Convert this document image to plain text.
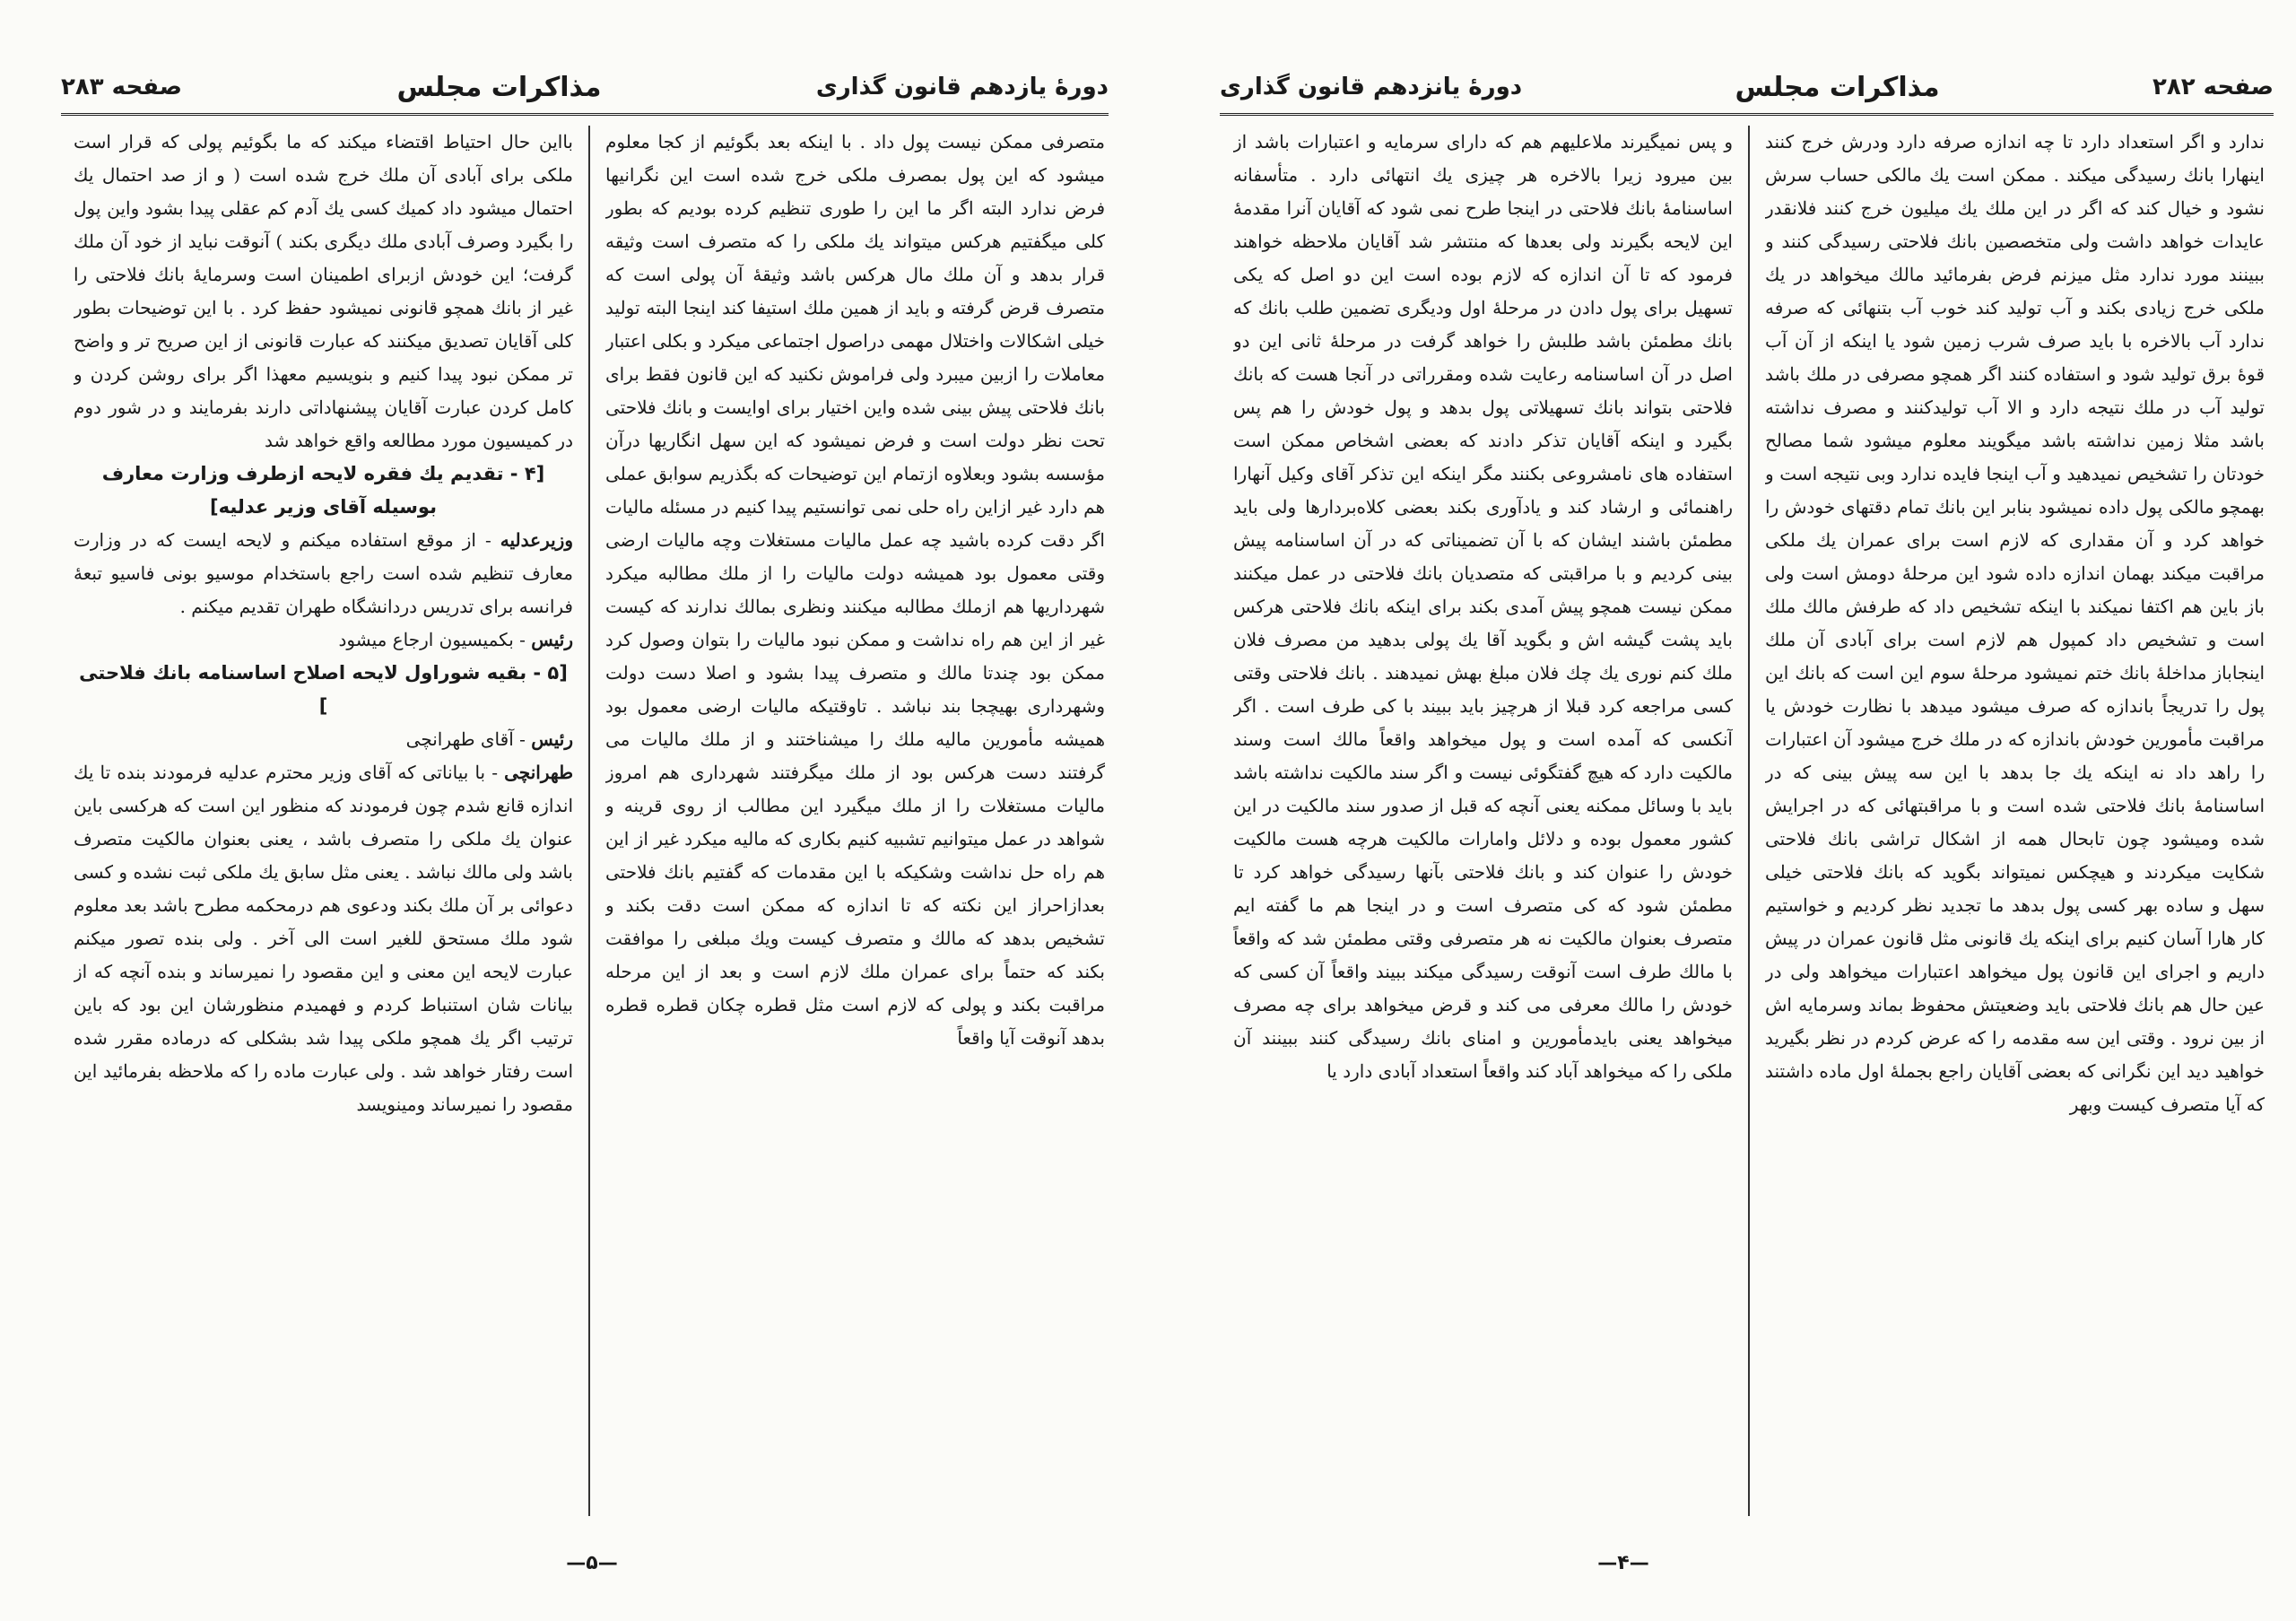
دورهٔ یازدهم قانون گذاری
مذاکرات مجلس
صفحه ۲۸۳

متصرفی ممکن نیست پول داد . با اینکه بعد بگوئیم از کجا معلوم میشود که این پول بمصرف ملکی خرج شده است این نگرانیها فرض ندارد البته اگر ما این را طوری تنظیم کرده بودیم که بطور کلی میگفتیم هرکس میتواند یك ملکی را که متصرف است وثیقه قرار بدهد و آن ملك مال هرکس باشد وثیقهٔ آن پولی است که متصرف قرض گرفته و باید از همین ملك استیفا کند اینجا البته تولید خیلی اشکالات واختلال مهمی دراصول اجتماعی میکرد و بکلی اعتبار معاملات را ازبین میبرد ولی فراموش نکنید که این قانون فقط برای بانك فلاحتی پیش بینی شده واین اختیار برای اوایست و بانك فلاحتی تحت نظر دولت است و فرض نمیشود که این سهل انگاریها درآن مؤسسه بشود وبعلاوه ازتمام این توضیحات که بگذریم سوابق عملی هم دارد غیر ازاین راه حلی نمی توانستیم پیدا کنیم در مسئله مالیات اگر دقت کرده باشید چه عمل مالیات مستغلات وچه مالیات ارضی وقتی معمول بود همیشه دولت مالیات را از ملك مطالبه میکرد شهرداریها هم ازملك مطالبه میکنند ونظری بمالك ندارند که کیست غیر از این هم راه نداشت و ممکن نبود مالیات را بتوان وصول کرد ممکن بود چندتا مالك و متصرف پیدا بشود و اصلا دست دولت وشهرداری بهیچجا بند نباشد . تاوقتیکه مالیات ارضی معمول بود همیشه مأمورین مالیه ملك را میشناختند و از ملك مالیات می گرفتند دست هرکس بود از ملك میگرفتند شهرداری هم امروز مالیات مستغلات را از ملك میگیرد این مطالب از روی قرینه و شواهد در عمل میتوانیم تشبیه کنیم بکاری که مالیه میکرد غیر از این هم راه حل نداشت وشکیکه با این مقدمات که گفتیم بانك فلاحتی بعدازاحراز این نکته که تا اندازه که ممکن است دقت بکند و تشخیص بدهد که مالك و متصرف کیست ویك مبلغی را موافقت بکند که حتماً برای عمران ملك لازم است و بعد از این مرحله مراقبت بکند و پولی که لازم است مثل قطره چکان قطره قطره بدهد آنوقت آیا واقعاً

بااین حال احتیاط اقتضاء میکند که ما بگوئیم پولی که قرار است ملکی برای آبادی آن ملك خرج شده است ( و از صد احتمال یك احتمال میشود داد کمیك کسی یك آدم کم عقلی پیدا بشود واین پول را بگیرد وصرف آبادی ملك دیگری بکند ) آنوقت نباید از خود آن ملك گرفت؛ این خودش ازبرای اطمینان است وسرمایهٔ بانك فلاحتی را غیر از بانك همچو قانونی نمیشود حفظ کرد . با این توضیحات بطور کلی آقایان تصدیق میکنند که عبارت قانونی از این صریح تر و واضح تر ممکن نبود پیدا کنیم و بنویسیم معهذا اگر برای روشن کردن و کامل کردن عبارت آقایان پیشنهاداتی دارند بفرمایند و در شور دوم در کمیسیون مورد مطالعه واقع خواهد شد

[۴ - تقدیم یك فقره لایحه ازطرف وزارت معارف بوسیله آقای وزیر عدلیه]

وزیرعدلیه - از موقع استفاده میکنم و لایحه ایست که در وزارت معارف تنظیم شده است راجع باستخدام موسیو بونی فاسیو تبعهٔ فرانسه برای تدریس دردانشگاه طهران تقدیم میکنم .

رئیس - بکمیسیون ارجاع میشود

[۵ - بقیه شوراول لایحه اصلاح اساسنامه بانك فلاحتی ]

رئیس - آقای طهرانچی

طهرانچی - با بیاناتی که آقای وزیر محترم عدلیه فرمودند بنده تا یك اندازه قانع شدم چون فرمودند که منظور این است که هرکسی باین عنوان یك ملکی را متصرف باشد ، یعنی بعنوان مالکیت متصرف باشد ولی مالك نباشد . یعنی مثل سابق یك ملکی ثبت نشده و کسی دعوائی بر آن ملك بکند ودعوی هم درمحکمه مطرح باشد بعد معلوم شود ملك مستحق للغیر است الی آخر . ولی بنده تصور میکنم عبارت لایحه این معنی و این مقصود را نمیرساند و بنده آنچه که از بیانات شان استنباط کردم و فهمیدم منظورشان این بود که باین ترتیب اگر یك همچو ملکی پیدا شد بشکلی که درماده مقرر شده است رفتار خواهد شد . ولی عبارت ماده را که ملاحظه بفرمائید این مقصود را نمیرساند ومینویسد

—۵—
صفحه ۲۸۲
مذاکرات مجلس
دورهٔ یانزدهم قانون گذاری

ندارد و اگر استعداد دارد تا چه اندازه صرفه دارد ودرش خرج کنند اینهارا بانك رسیدگی میکند . ممکن است یك مالکی حساب سرش نشود و خیال کند که اگر در این ملك یك میلیون خرج کنند فلانقدر عایدات خواهد داشت ولی متخصصین بانك فلاحتی رسیدگی کنند و ببینند مورد ندارد مثل میزنم فرض بفرمائید مالك میخواهد در یك ملکی خرج زیادی بکند و آب تولید کند خوب آب بتنهائی که صرفه ندارد آب بالاخره با باید صرف شرب زمین شود یا اینکه از آن آب قوهٔ برق تولید شود و استفاده کنند اگر همچو مصرفی در ملك باشد تولید آب در ملك نتیجه دارد و الا آب تولیدکنند و مصرف نداشته باشد مثلا زمین نداشته باشد میگویند معلوم میشود شما مصالح خودتان را تشخیص نمیدهید و آب اینجا فایده ندارد وبی نتیجه است و بهمچو مالکی پول داده نمیشود بنابر این بانك تمام دقتهای خودش را خواهد کرد و آن مقداری که لازم است برای عمران یك ملکی مراقبت میکند بهمان اندازه داده شود این مرحلهٔ دومش است ولی باز باین هم اکتفا نمیکند با اینکه تشخیص داد که طرفش مالك ملك است و تشخیص داد کمپول هم لازم است برای آبادی آن ملك اینجاباز مداخلهٔ بانك ختم نمیشود مرحلهٔ سوم این است که بانك این پول را تدریجاً باندازه که صرف میشود میدهد با نظارت خودش یا مراقبت مأمورین خودش باندازه که در ملك خرج میشود آن اعتبارات را راهد داد نه اینکه یك جا بدهد با این سه پیش بینی که در اساسنامهٔ بانك فلاحتی شده است و با مراقبتهائی که در اجرایش شده ومیشود چون تابحال همه از اشکال تراشی بانك فلاحتی شکایت میکردند و هیچکس نمیتواند بگوید که بانك فلاحتی خیلی سهل و ساده بهر کسی پول بدهد ما تجدید نظر کردیم و خواستیم کار هارا آسان کنیم برای اینکه یك قانونی مثل قانون عمران در پیش داریم و اجرای این قانون پول میخواهد اعتبارات میخواهد ولی در عین حال هم بانك فلاحتی باید وضعیتش محفوظ بماند وسرمایه اش از بین نرود . وقتی این سه مقدمه را که عرض کردم در نظر بگیرید خواهید دید این نگرانی که بعضی آقایان راجع بجملهٔ اول ماده داشتند که آیا متصرف کیست وبهر

و پس نمیگیرند ملاعلیهم هم که دارای سرمایه و اعتبارات باشد از بین میرود زیرا بالاخره هر چیزی یك انتهائی دارد . متأسفانه اساسنامهٔ بانك فلاحتی در اینجا طرح نمی شود که آقایان آنرا مقدمهٔ این لایحه بگیرند ولی بعدها که منتشر شد آقایان ملاحظه خواهند فرمود که تا آن اندازه که لازم بوده است این دو اصل که یکی تسهیل برای پول دادن در مرحلهٔ اول ودیگری تضمین طلب بانك که بانك مطمئن باشد طلبش را خواهد گرفت در مرحلهٔ ثانی این دو اصل در آن اساسنامه رعایت شده ومقرراتی در آنجا هست که بانك فلاحتی بتواند بانك تسهیلاتی پول بدهد و پول خودش را هم پس بگیرد و اینکه آقایان تذکر دادند که بعضی اشخاص ممکن است استفاده های نامشروعی بکنند مگر اینکه این تذکر آقای وکیل آنهارا راهنمائی و ارشاد کند و یادآوری بکند بعضی کلاه‌بردارها ولی باید مطمئن باشند ایشان که با آن تضمیناتی که در آن اساسنامه پیش بینی کردیم و با مراقبتی که متصدیان بانك فلاحتی در عمل میکنند ممکن نیست همچو پیش آمدی بکند برای اینکه بانك فلاحتی هرکس باید پشت گیشه اش و بگوید آقا یك پولی بدهید من مصرف فلان ملك کنم نوری یك چك فلان مبلغ بهش نمیدهند . بانك فلاحتی وقتی کسی مراجعه کرد قبلا از هرچیز باید ببیند با کی طرف است . اگر آنکسی که آمده است و پول میخواهد واقعاً مالك است وسند مالکیت دارد که هیچ گفتگوئی نیست و اگر سند مالکیت نداشته باشد باید با وسائل ممکنه یعنی آنچه که قبل از صدور سند مالکیت در این کشور معمول بوده و دلائل وامارات مالکیت هرچه هست مالکیت خودش را عنوان کند و بانك فلاحتی بآنها رسیدگی خواهد کرد تا مطمئن شود که کی متصرف است و در اینجا هم ما گفته ایم متصرف بعنوان مالکیت نه هر متصرفی وقتی مطمئن شد که واقعاً با مالك طرف است آنوقت رسیدگی میکند ببیند واقعاً آن کسی که خودش را مالك معرفی می کند و قرض میخواهد برای چه مصرف میخواهد یعنی بایدمأمورین و امنای بانك رسیدگی کنند ببینند آن ملکی را که میخواهد آباد کند واقعاً استعداد آبادی دارد یا

—۴—
